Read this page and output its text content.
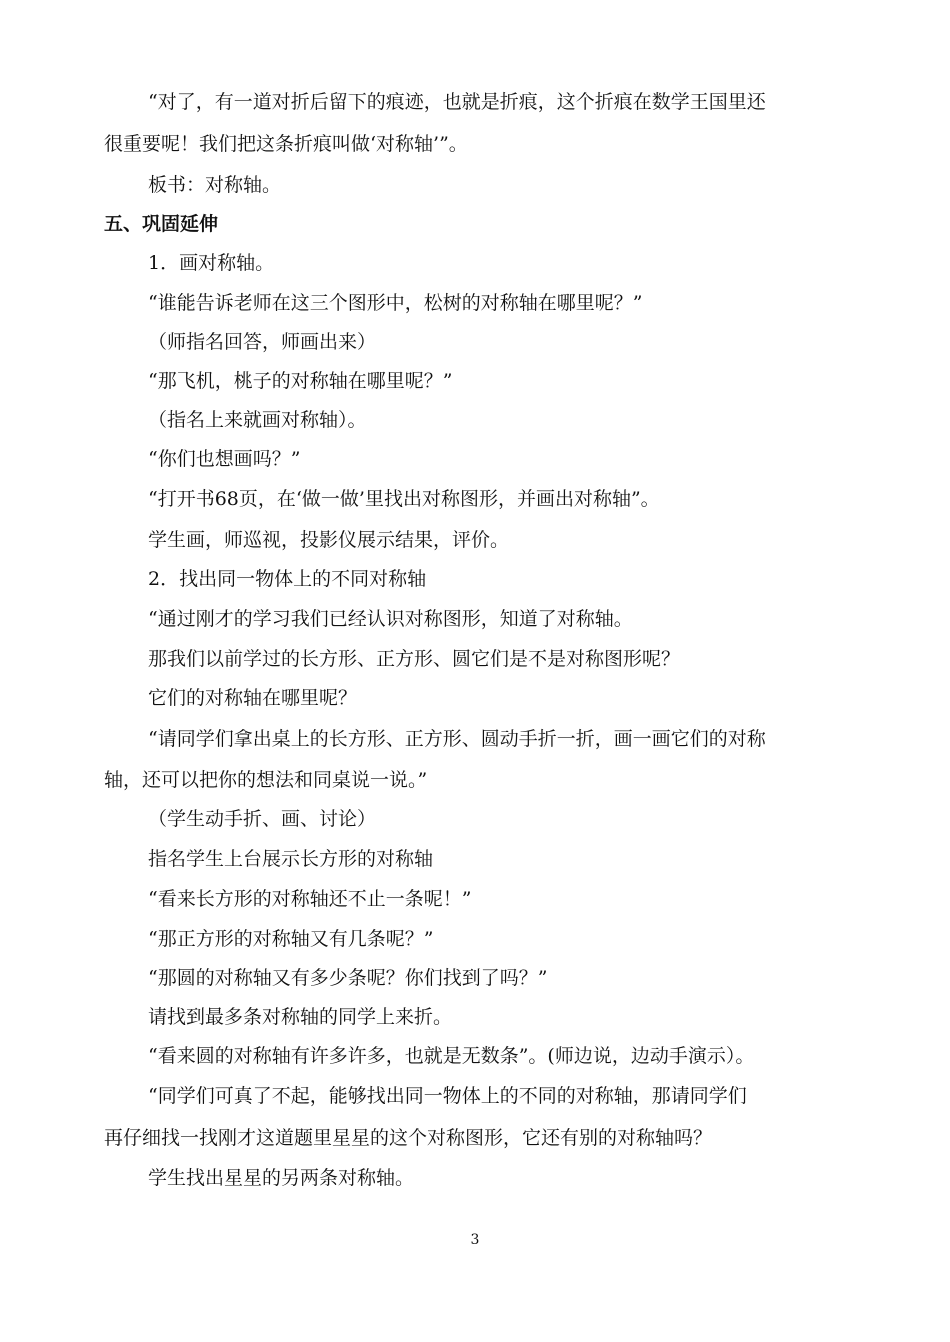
“对了，有一道对折后留下的痕迹，也就是折痕，这个折痕在数学王国里还
很重要呢！我们把这条折痕叫做‘对称轴’”。
板书：对称轴。
五、巩固延伸
1．画对称轴。
“谁能告诉老师在这三个图形中，松树的对称轴在哪里呢？”
（师指名回答，师画出来）
“那飞机，桃子的对称轴在哪里呢？”
（指名上来就画对称轴）。
“你们也想画吗？”
“打开书68页，在‘做一做’里找出对称图形，并画出对称轴”。
学生画，师巡视，投影仪展示结果，评价。
2．找出同一物体上的不同对称轴
“通过刚才的学习我们已经认识对称图形，知道了对称轴。
那我们以前学过的长方形、正方形、圆它们是不是对称图形呢？
它们的对称轴在哪里呢？
“请同学们拿出桌上的长方形、正方形、圆动手折一折，画一画它们的对称
轴，还可以把你的想法和同桌说一说。”
（学生动手折、画、讨论）
指名学生上台展示长方形的对称轴
“看来长方形的对称轴还不止一条呢！”
“那正方形的对称轴又有几条呢？”
“那圆的对称轴又有多少条呢？你们找到了吗？”
请找到最多条对称轴的同学上来折。
“看来圆的对称轴有许多许多，也就是无数条”。(师边说，边动手演示）。
“同学们可真了不起，能够找出同一物体上的不同的对称轴，那请同学们
再仔细找一找刚才这道题里星星的这个对称图形，它还有别的对称轴吗？
学生找出星星的另两条对称轴。
3
